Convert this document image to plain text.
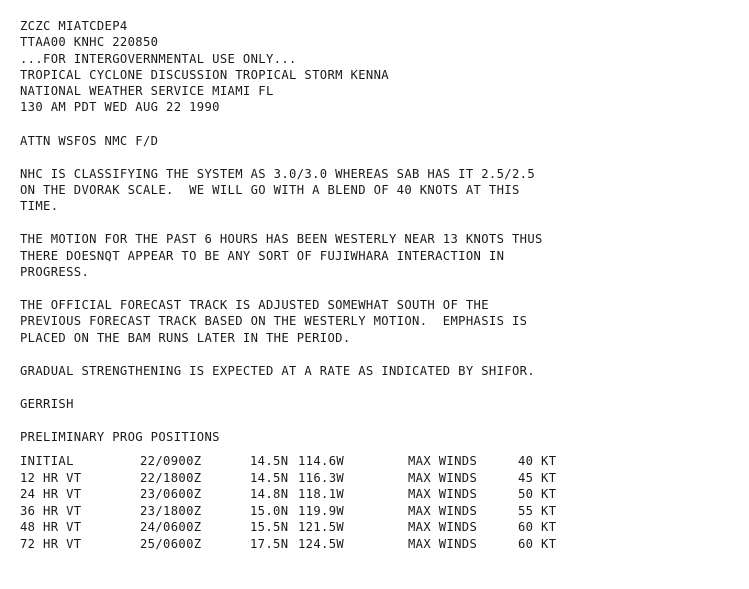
ZCZC MIATCDEP4
TTAA00 KNHC 220850
...FOR INTERGOVERNMENTAL USE ONLY...
TROPICAL CYCLONE DISCUSSION TROPICAL STORM KENNA
NATIONAL WEATHER SERVICE MIAMI FL
130 AM PDT WED AUG 22 1990
ATTN WSFOS NMC F/D
NHC IS CLASSIFYING THE SYSTEM AS 3.0/3.0 WHEREAS SAB HAS IT 2.5/2.5
ON THE DVORAK SCALE.  WE WILL GO WITH A BLEND OF 40 KNOTS AT THIS
TIME.
THE MOTION FOR THE PAST 6 HOURS HAS BEEN WESTERLY NEAR 13 KNOTS THUS
THERE DOESNQT APPEAR TO BE ANY SORT OF FUJIWHARA INTERACTION IN
PROGRESS.
THE OFFICIAL FORECAST TRACK IS ADJUSTED SOMEWHAT SOUTH OF THE
PREVIOUS FORECAST TRACK BASED ON THE WESTERLY MOTION.  EMPHASIS IS
PLACED ON THE BAM RUNS LATER IN THE PERIOD.
GRADUAL STRENGTHENING IS EXPECTED AT A RATE AS INDICATED BY SHIFOR.
GERRISH
PRELIMINARY PROG POSITIONS
INITIAL	22/0900Z	14.5N	114.6W	MAX WINDS	40 KT
12 HR VT	22/1800Z	14.5N	116.3W	MAX WINDS	45 KT
24 HR VT	23/0600Z	14.8N	118.1W	MAX WINDS	50 KT
36 HR VT	23/1800Z	15.0N	119.9W	MAX WINDS	55 KT
48 HR VT	24/0600Z	15.5N	121.5W	MAX WINDS	60 KT
72 HR VT	25/0600Z	17.5N	124.5W	MAX WINDS	60 KT
